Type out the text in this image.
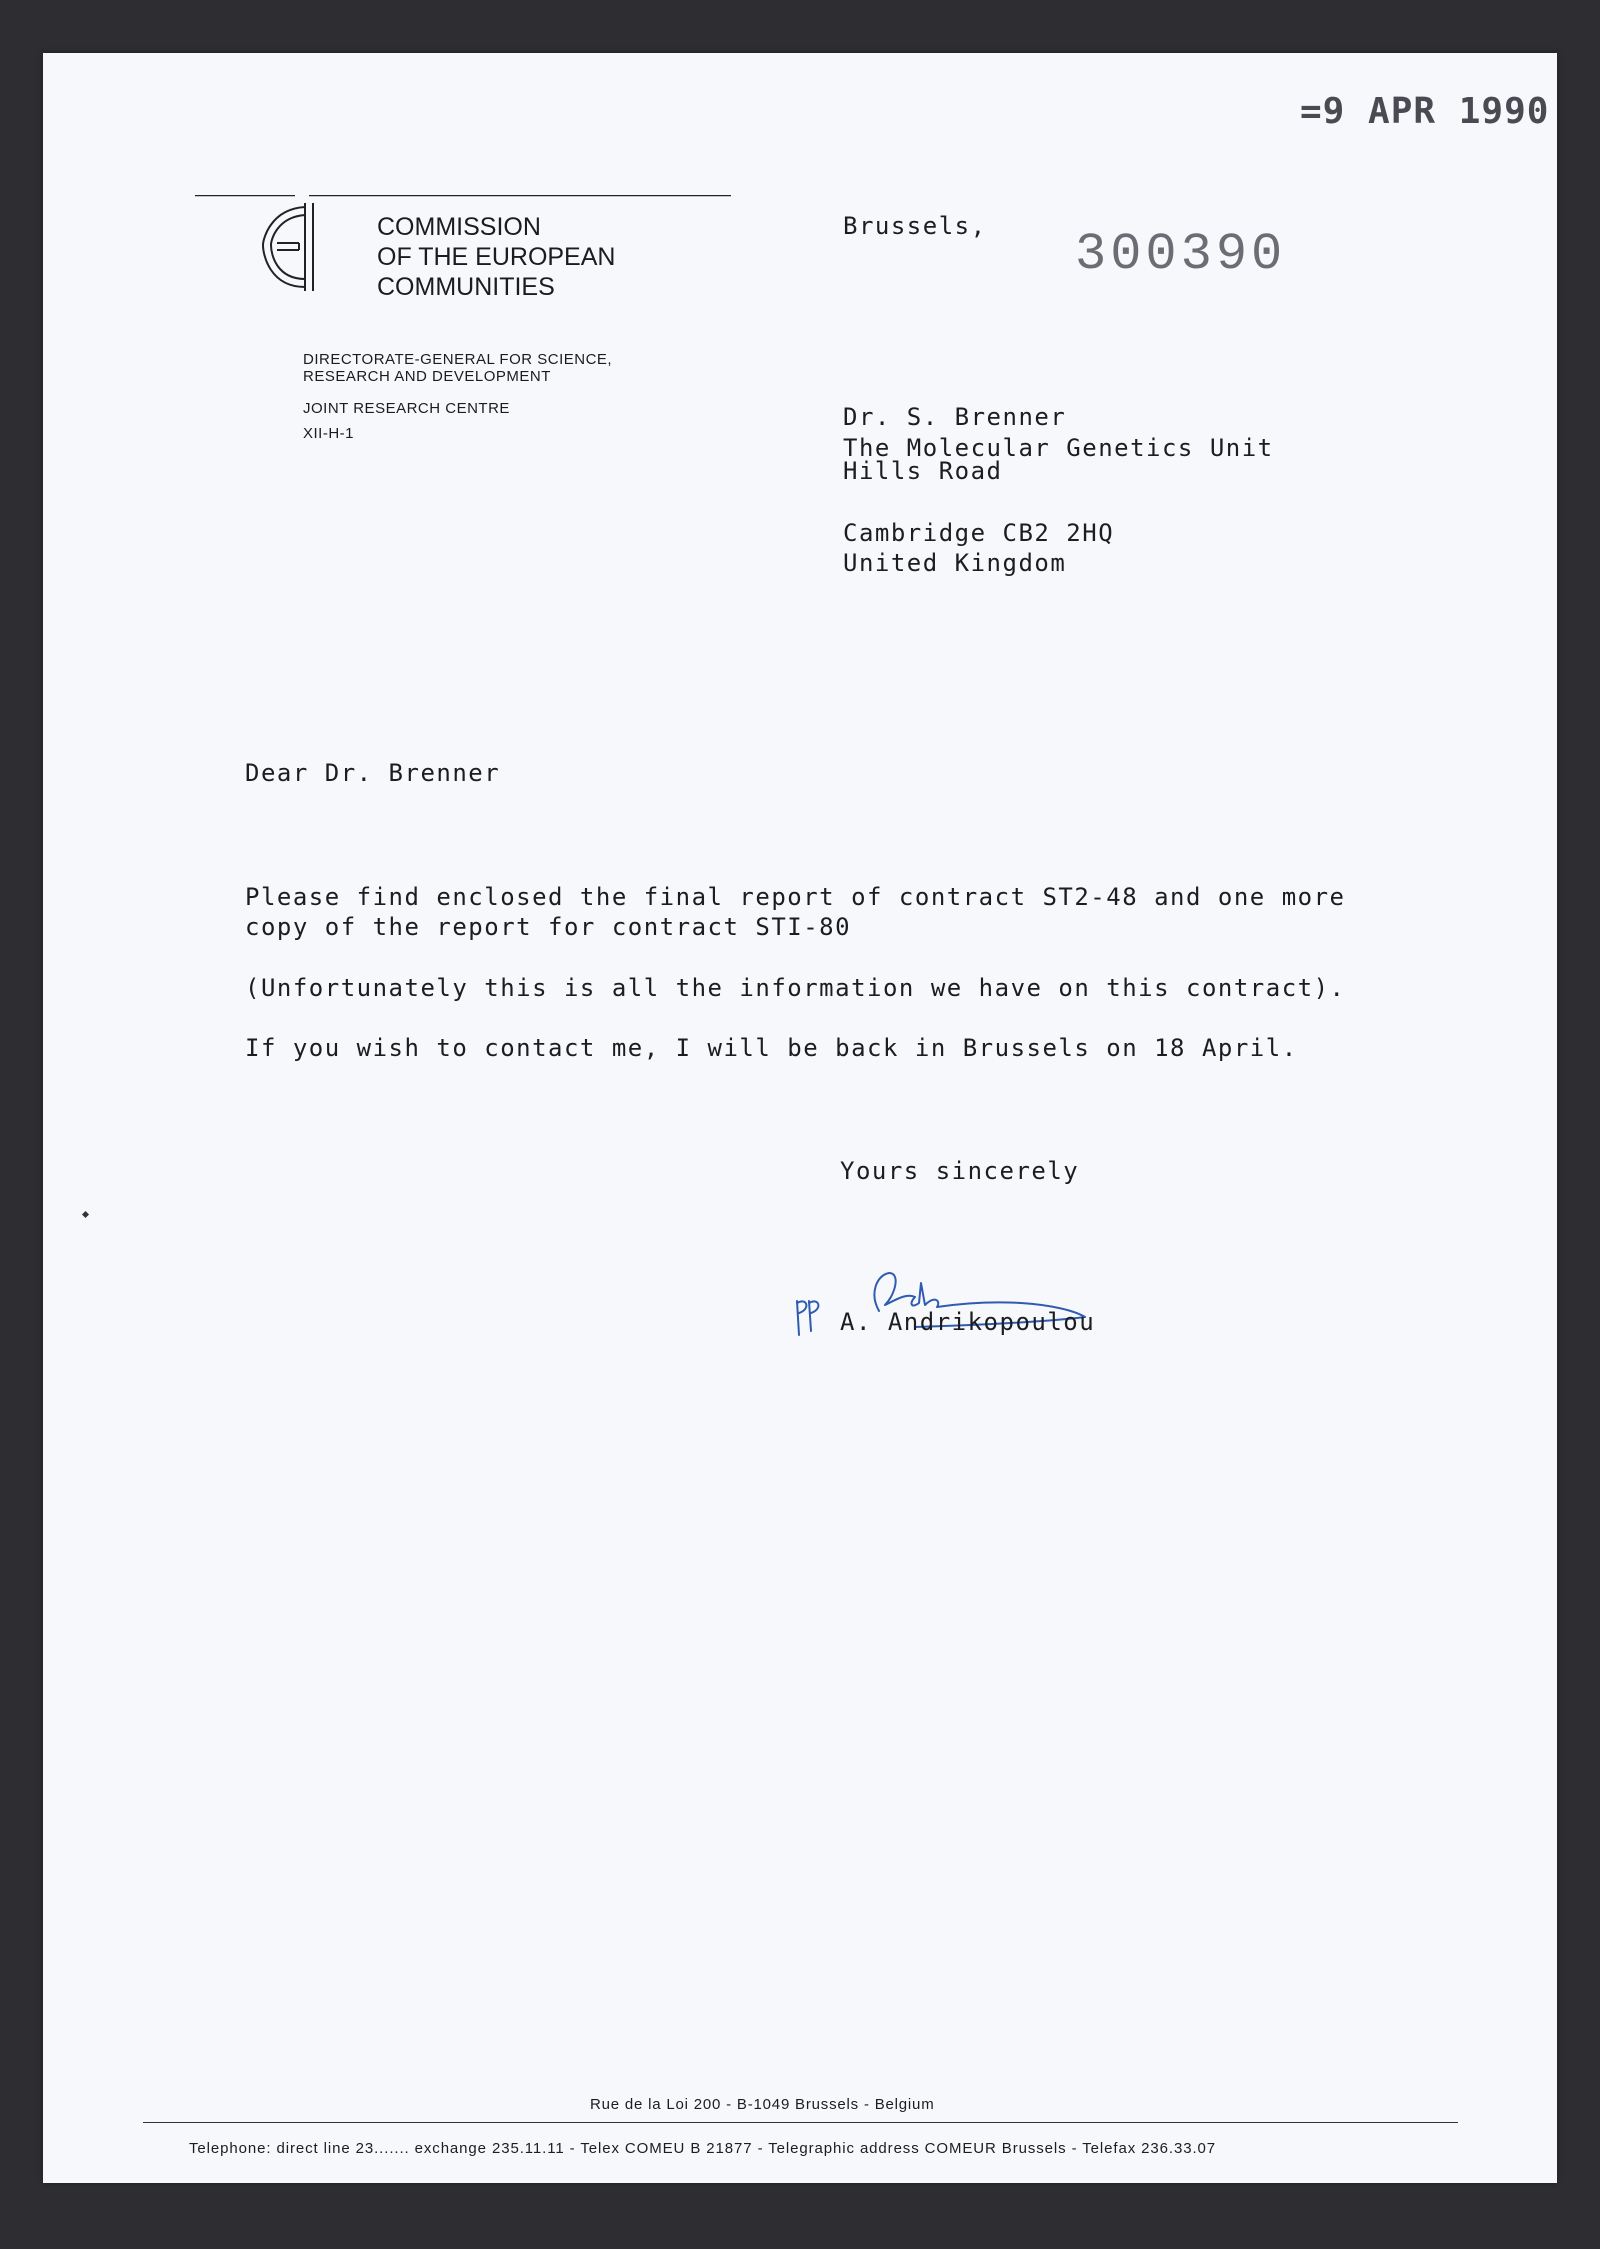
=9 APR 1990
COMMISSION
OF THE EUROPEAN
COMMUNITIES
DIRECTORATE-GENERAL FOR SCIENCE,
RESEARCH AND DEVELOPMENT
JOINT RESEARCH CENTRE
XII-H-1
Brussels, 300390
Dr. S. Brenner
The Molecular Genetics Unit
Hills Road
Cambridge CB2 2HQ
United Kingdom
Dear Dr. Brenner
Please find enclosed the final report of contract ST2-48 and one more
copy of the report for contract STI-80
(Unfortunately this is all the information we have on this contract).
If you wish to contact me, I will be back in Brussels on 18 April.
Yours sincerely
A. Andrikopoulou
Rue de la Loi 200 - B-1049 Brussels - Belgium
Telephone: direct line 23....... exchange 235.11.11 - Telex COMEU B 21877 - Telegraphic address COMEUR Brussels - Telefax 236.33.07
